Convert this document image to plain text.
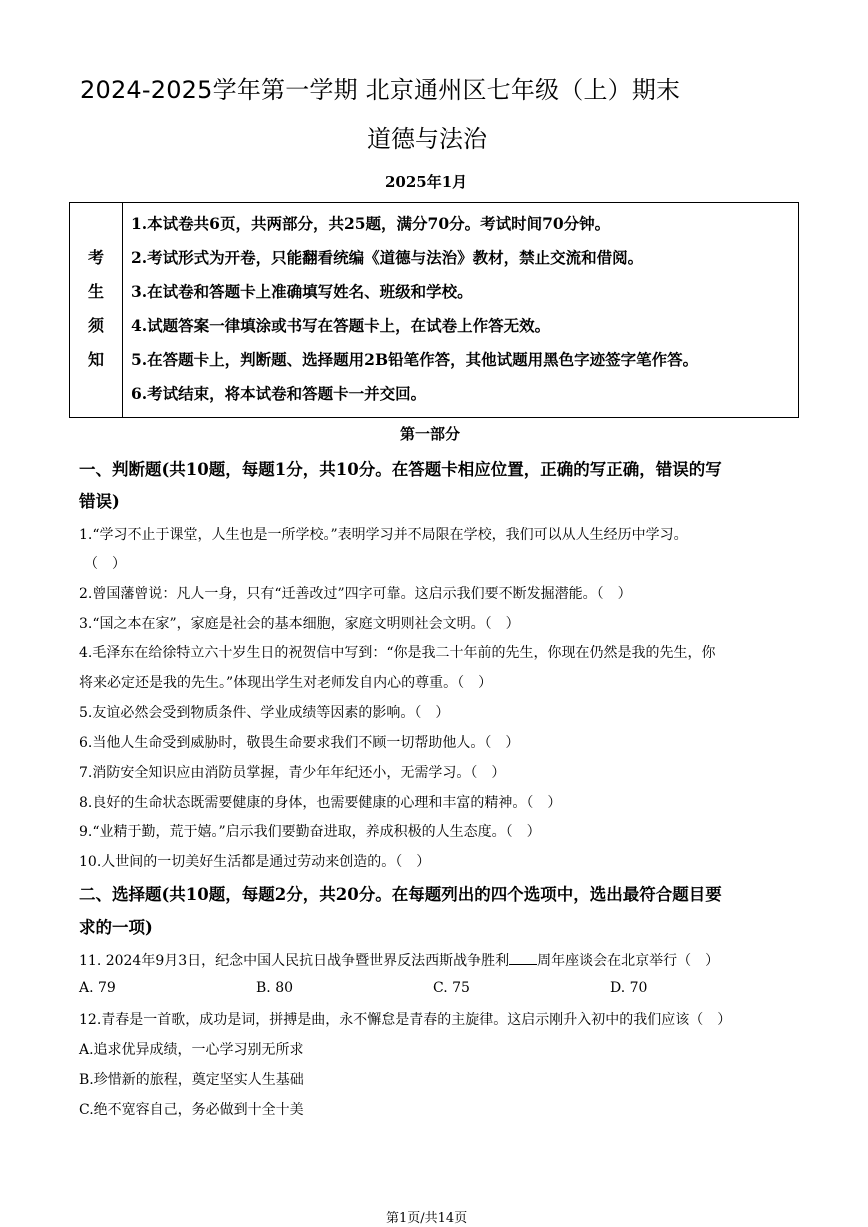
2024-2025学年第一学期 北京通州区七年级（上）期末
道德与法治
2025年1月
考
生
须
知
1.本试卷共6页，共两部分，共25题，满分70分。考试时间70分钟。
2.考试形式为开卷，只能翻看统编《道德与法治》教材，禁止交流和借阅。
3.在试卷和答题卡上准确填写姓名、班级和学校。
4.试题答案一律填涂或书写在答题卡上，在试卷上作答无效。
5.在答题卡上，判断题、选择题用2B铅笔作答，其他试题用黑色字迹签字笔作答。
6.考试结束，将本试卷和答题卡一并交回。
第一部分
一、判断题(共10题，每题1分，共10分。在答题卡相应位置，正确的写正确，错误的写
错误)
1.“学习不止于课堂，人生也是一所学校。”表明学习并不局限在学校，我们可以从人生经历中学习。
（　）
2.曾国藩曾说：凡人一身，只有“迁善改过”四字可靠。这启示我们要不断发掘潜能。（　）
3.“国之本在家”，家庭是社会的基本细胞，家庭文明则社会文明。（　）
4.毛泽东在给徐特立六十岁生日的祝贺信中写到：“你是我二十年前的先生，你现在仍然是我的先生，你
将来必定还是我的先生。”体现出学生对老师发自内心的尊重。（　）
5.友谊必然会受到物质条件、学业成绩等因素的影响。（　）
6.当他人生命受到威胁时，敬畏生命要求我们不顾一切帮助他人。（　）
7.消防安全知识应由消防员掌握，青少年年纪还小，无需学习。（　）
8.良好的生命状态既需要健康的身体，也需要健康的心理和丰富的精神。（　）
9.“业精于勤，荒于嬉。”启示我们要勤奋进取，养成积极的人生态度。（　）
10.人世间的一切美好生活都是通过劳动来创造的。（　）
二、选择题(共10题，每题2分，共20分。在每题列出的四个选项中，选出最符合题目要
求的一项)
11. 2024年9月3日，纪念中国人民抗日战争暨世界反法西斯战争胜利 周年座谈会在北京举行（　）
A. 79	B. 80	C. 75	D. 70
12.青春是一首歌，成功是词，拼搏是曲，永不懈怠是青春的主旋律。这启示刚升入初中的我们应该（　）
A.追求优异成绩，一心学习别无所求
B.珍惜新的旅程，奠定坚实人生基础
C.绝不宽容自己，务必做到十全十美
第1页/共14页
